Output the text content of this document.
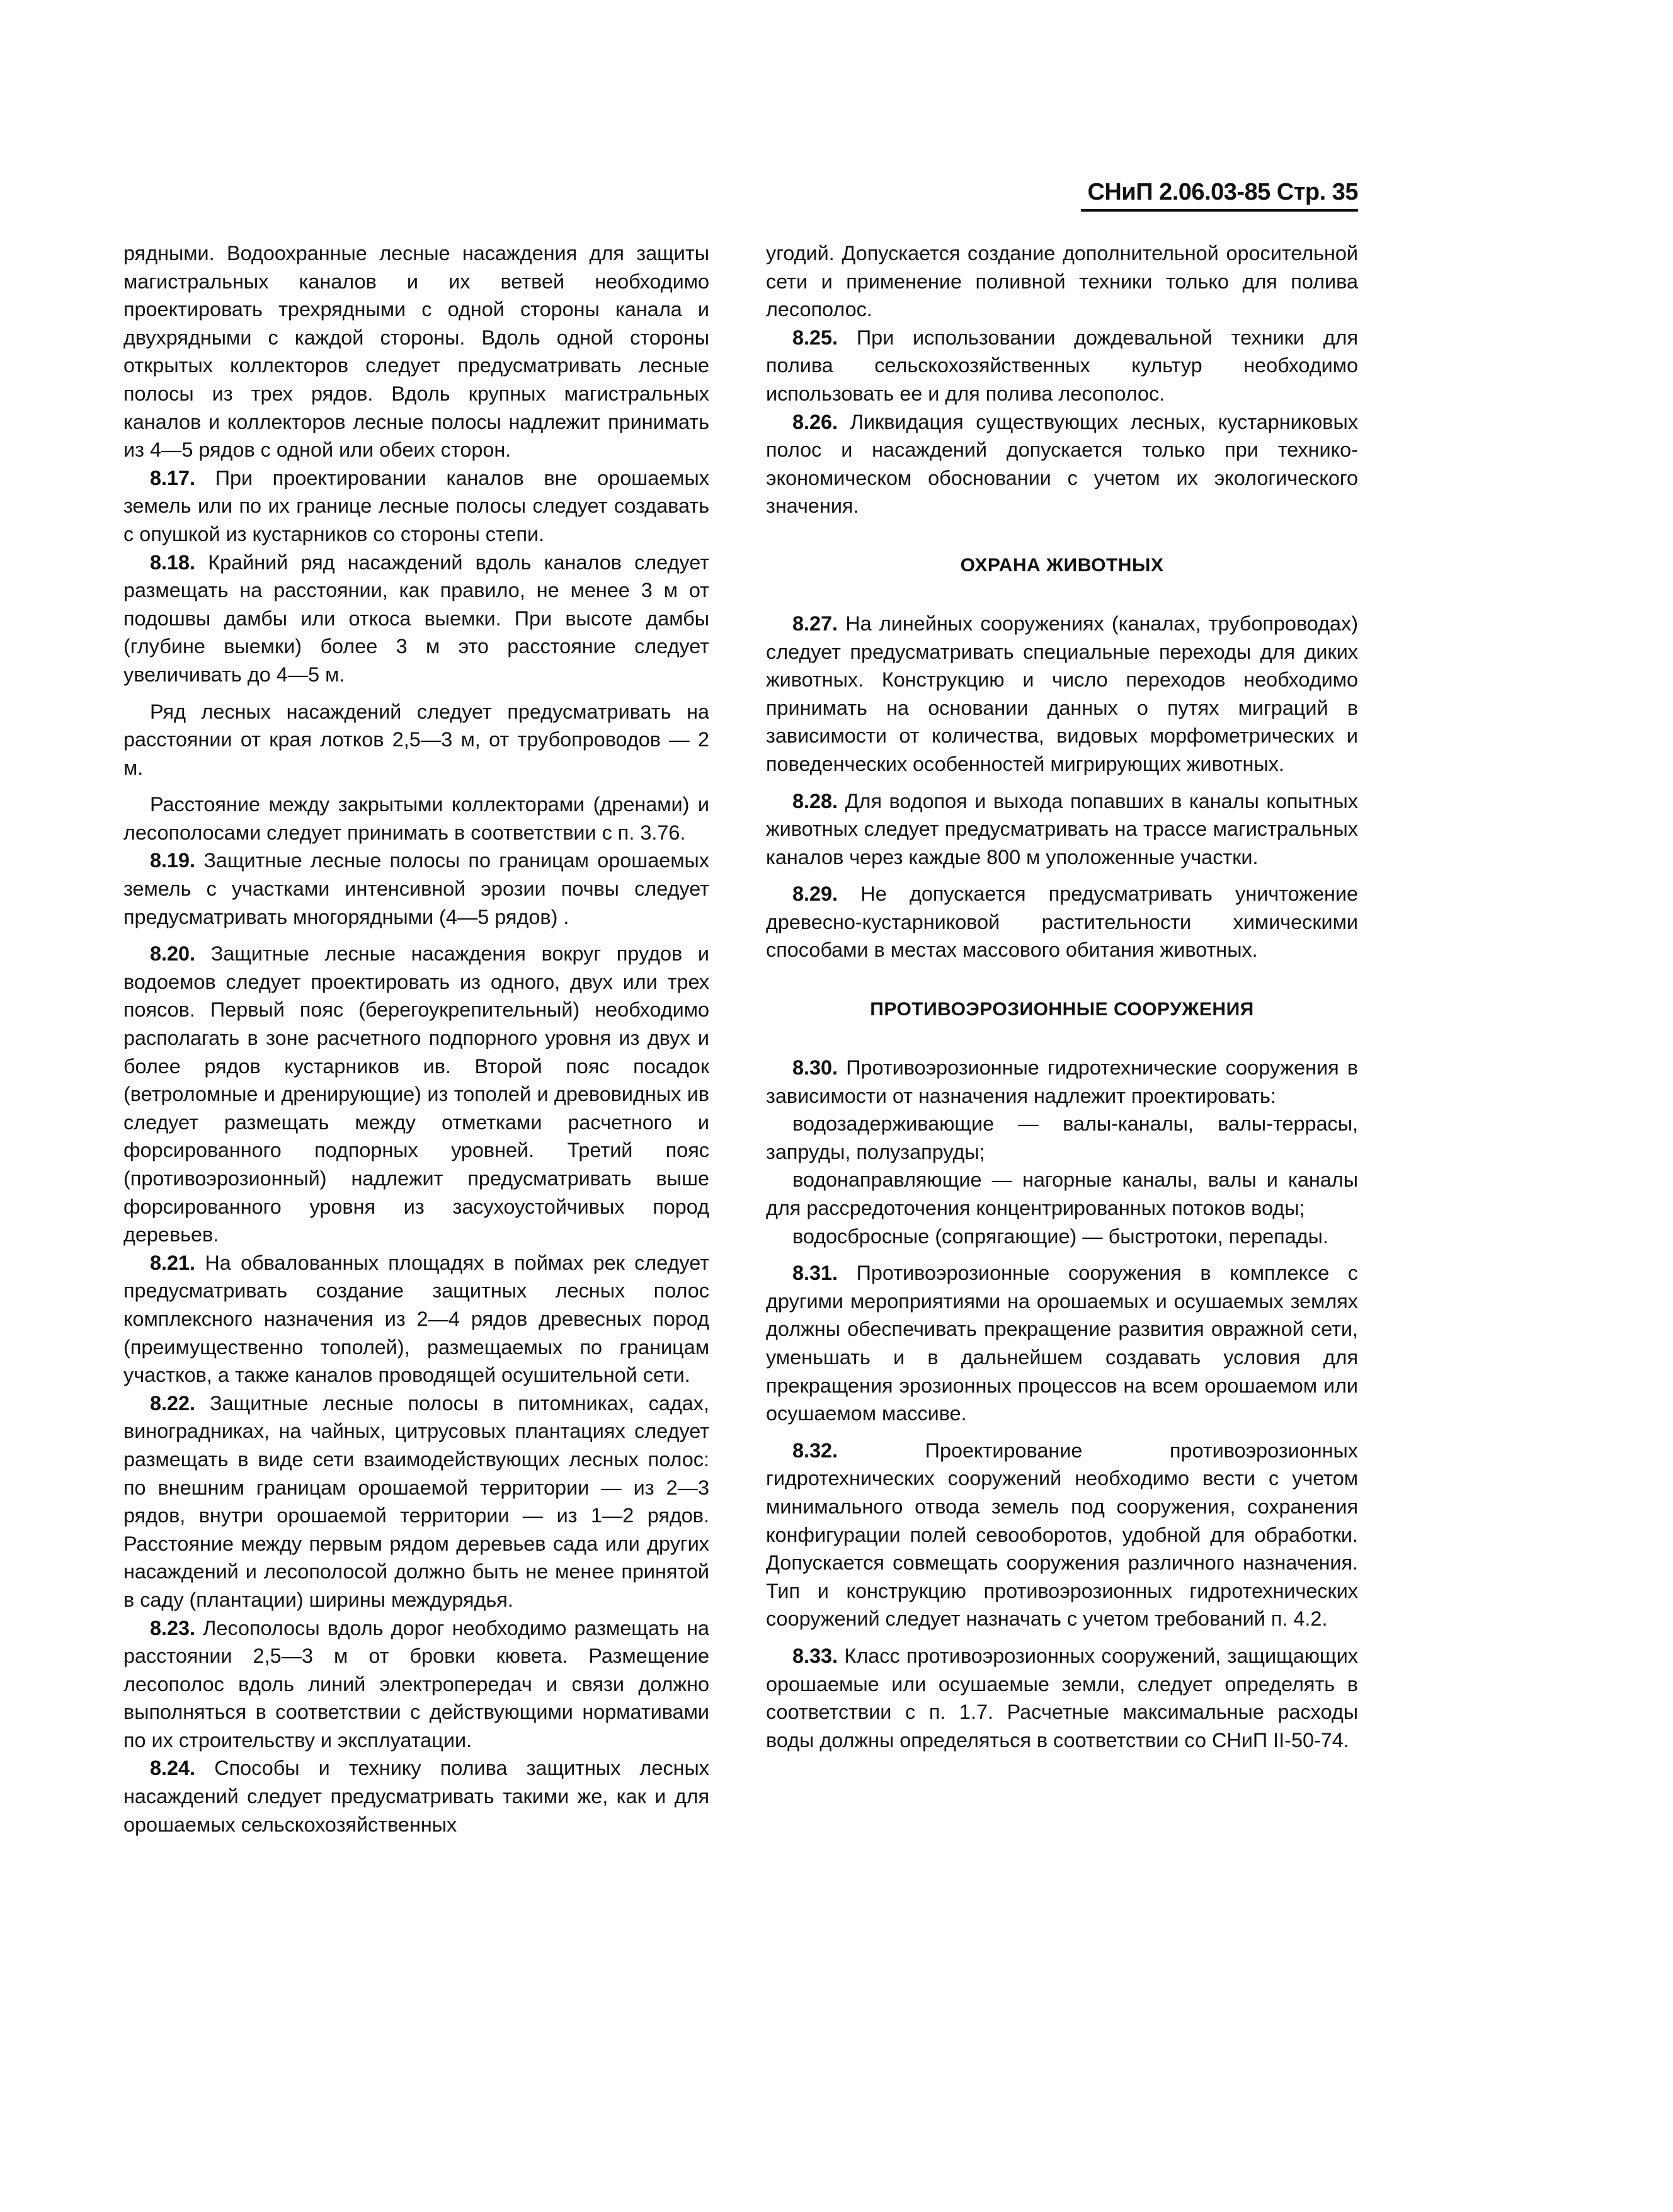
СНиП 2.06.03-85 Стр. 35

рядными. Водоохранные лесные насаждения для защиты магистральных каналов и их ветвей необходимо проектировать трехрядными с одной стороны канала и двухрядными с каждой стороны. Вдоль одной стороны открытых коллекторов следует предусматривать лесные полосы из трех рядов. Вдоль крупных магистральных каналов и коллекторов лесные полосы надлежит принимать из 4—5 рядов с одной или обеих сторон.

8.17. При проектировании каналов вне орошаемых земель или по их границе лесные полосы следует создавать с опушкой из кустарников со стороны степи.

8.18. Крайний ряд насаждений вдоль каналов следует размещать на расстоянии, как правило, не менее 3 м от подошвы дамбы или откоса выемки. При высоте дамбы (глубине выемки) более 3 м это расстояние следует увеличивать до 4—5 м.

Ряд лесных насаждений следует предусматривать на расстоянии от края лотков 2,5—3 м, от трубопроводов — 2 м.

Расстояние между закрытыми коллекторами (дренами) и лесополосами следует принимать в соответствии с п. 3.76.

8.19. Защитные лесные полосы по границам орошаемых земель с участками интенсивной эрозии почвы следует предусматривать многорядными (4—5 рядов) .

8.20. Защитные лесные насаждения вокруг прудов и водоемов следует проектировать из одного, двух или трех поясов. Первый пояс (берегоукрепительный) необходимо располагать в зоне расчетного подпорного уровня из двух и более рядов кустарников ив. Второй пояс посадок (ветроломные и дренирующие) из тополей и древовидных ив следует размещать между отметками расчетного и форсированного подпорных уровней. Третий пояс (противоэрозионный) надлежит предусматривать выше форсированного уровня из засухоустойчивых пород деревьев.

8.21. На обвалованных площадях в поймах рек следует предусматривать создание защитных лесных полос комплексного назначения из 2—4 рядов древесных пород (преимущественно тополей), размещаемых по границам участков, а также каналов проводящей осушительной сети.

8.22. Защитные лесные полосы в питомниках, садах, виноградниках, на чайных, цитрусовых плантациях следует размещать в виде сети взаимодействующих лесных полос: по внешним границам орошаемой территории — из 2—3 рядов, внутри орошаемой территории — из 1—2 рядов. Расстояние между первым рядом деревьев сада или других насаждений и лесополосой должно быть не менее принятой в саду (плантации) ширины междурядья.

8.23. Лесополосы вдоль дорог необходимо размещать на расстоянии 2,5—3 м от бровки кювета. Размещение лесополос вдоль линий электропередач и связи должно выполняться в соответствии с действующими нормативами по их строительству и эксплуатации.

8.24. Способы и технику полива защитных лесных насаждений следует предусматривать такими же, как и для орошаемых сельскохозяйственных

угодий. Допускается создание дополнительной оросительной сети и применение поливной техники только для полива лесополос.

8.25. При использовании дождевальной техники для полива сельскохозяйственных культур необходимо использовать ее и для полива лесополос.

8.26. Ликвидация существующих лесных, кустарниковых полос и насаждений допускается только при технико-экономическом обосновании с учетом их экологического значения.

ОХРАНА ЖИВОТНЫХ

8.27. На линейных сооружениях (каналах, трубопроводах) следует предусматривать специальные переходы для диких животных. Конструкцию и число переходов необходимо принимать на основании данных о путях миграций в зависимости от количества, видовых морфометрических и поведенческих особенностей мигрирующих животных.

8.28. Для водопоя и выхода попавших в каналы копытных животных следует предусматривать на трассе магистральных каналов через каждые 800 м уположенные участки.

8.29. Не допускается предусматривать уничтожение древесно-кустарниковой растительности химическими способами в местах массового обитания животных.

ПРОТИВОЭРОЗИОННЫЕ СООРУЖЕНИЯ

8.30. Противоэрозионные гидротехнические сооружения в зависимости от назначения надлежит проектировать:

водозадерживающие — валы-каналы, валы-террасы, запруды, полузапруды;

водонаправляющие — нагорные каналы, валы и каналы для рассредоточения концентрированных потоков воды;

водосбросные (сопрягающие) — быстротоки, перепады.

8.31. Противоэрозионные сооружения в комплексе с другими мероприятиями на орошаемых и осушаемых землях должны обеспечивать прекращение развития овражной сети, уменьшать и в дальнейшем создавать условия для прекращения эрозионных процессов на всем орошаемом или осушаемом массиве.

8.32. Проектирование противоэрозионных гидротехнических сооружений необходимо вести с учетом минимального отвода земель под сооружения, сохранения конфигурации полей севооборотов, удобной для обработки. Допускается совмещать сооружения различного назначения. Тип и конструкцию противоэрозионных гидротехнических сооружений следует назначать с учетом требований п. 4.2.

8.33. Класс противоэрозионных сооружений, защищающих орошаемые или осушаемые земли, следует определять в соответствии с п. 1.7. Расчетные максимальные расходы воды должны определяться в соответствии со СНиП II-50-74.
